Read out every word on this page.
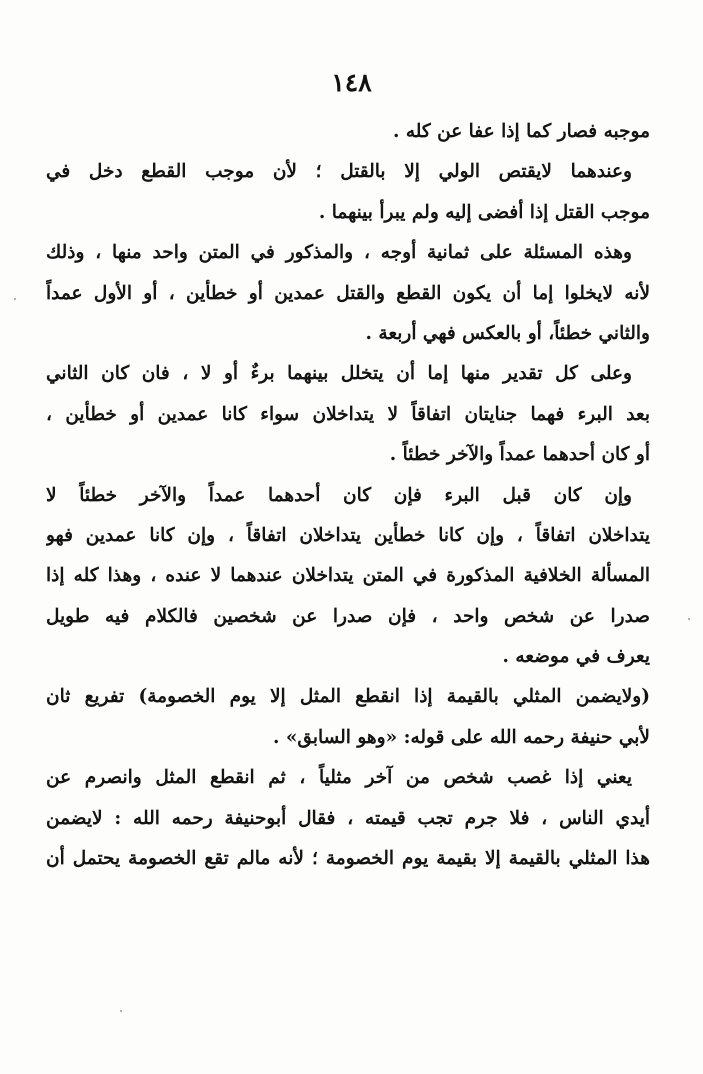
١٤٨
موجبه فصار كما إذا عفا عن كله .
وعندهما لايقتص الولي إلا بالقتل ؛ لأن موجب القطع دخل في
موجب القتل إذا أفضى إليه ولم يبرأ بينهما .
وهذه المسئلة على ثمانية أوجه ، والمذكور في المتن واحد منها ، وذلك
لأنه لايخلوا إما أن يكون القطع والقتل عمدين أو خطأين ، أو الأول عمداً
والثاني خطئاً، أو بالعكس فهي أربعة .
وعلى كل تقدير منها إما أن يتخلل بينهما برءٌ أو لا ، فان كان الثاني
بعد البرء فهما جنايتان اتفاقاً لا يتداخلان سواء كانا عمدين أو خطأين ،
أو كان أحدهما عمداً والآخر خطئاً .
وإن كان قبل البرء فإن كان أحدهما عمداً والآخر خطئاً لا
يتداخلان اتفاقاً ، وإن كانا خطأين يتداخلان اتفاقاً ، وإن كانا عمدين فهو
المسألة الخلافية المذكورة في المتن يتداخلان عندهما لا عنده ، وهذا كله إذا
صدرا عن شخص واحد ، فإن صدرا عن شخصين فالكلام فيه طويل
يعرف في موضعه .
(ولايضمن المثلي بالقيمة إذا انقطع المثل إلا يوم الخصومة) تفريع ثان
لأبي حنيفة رحمه الله على قوله: «وهو السابق» .
يعني إذا غصب شخص من آخر مثلياً ، ثم انقطع المثل وانصرم عن
أيدي الناس ، فلا جرم تجب قيمته ، فقال أبوحنيفة رحمه الله : لايضمن
هذا المثلي بالقيمة إلا بقيمة يوم الخصومة ؛ لأنه مالم تقع الخصومة يحتمل أن
